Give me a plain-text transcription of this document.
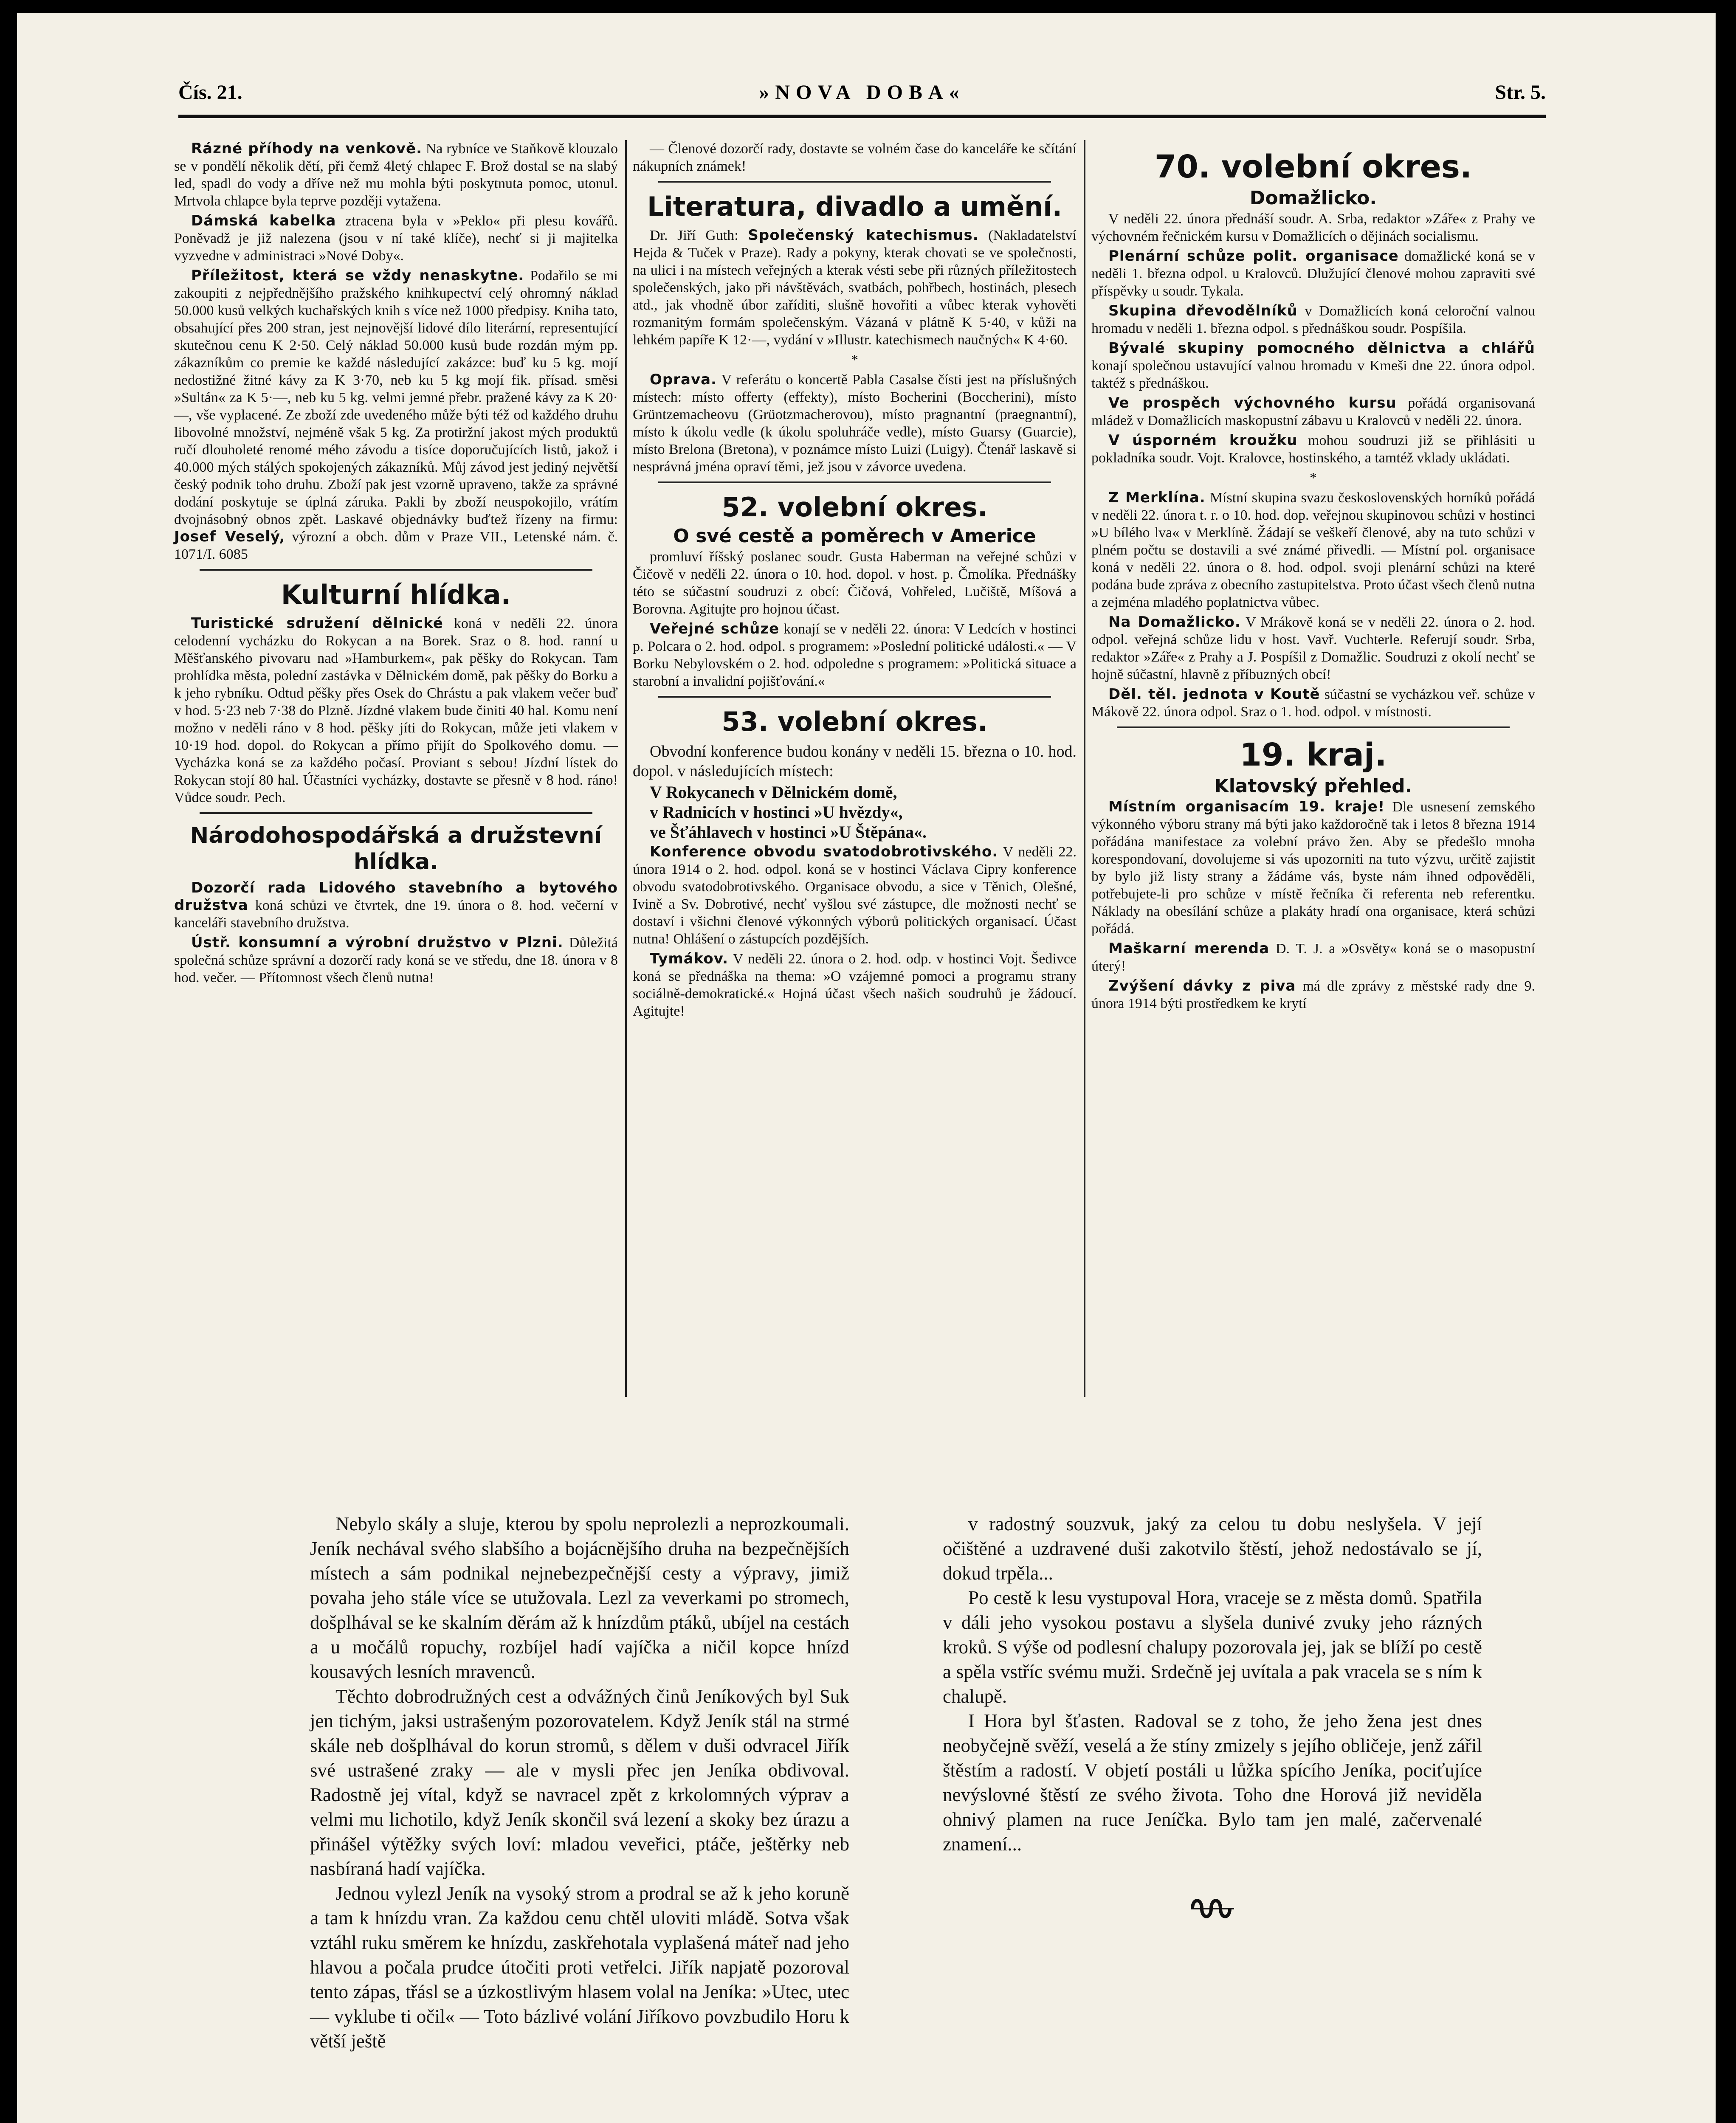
Čís. 21.	»NOVA DOBA«	Str. 5.

Rázné příhody na venkově. Na rybníce ve Staňkově klouzalo se v pondělí několik dětí, při čemž 4letý chlapec F. Brož dostal se na slabý led, spadl do vody a dříve než mu mohla býti poskytnuta pomoc, utonul. Mrtvola chlapce byla teprve později vytažena.

Dámská kabelka ztracena byla v »Peklo« při plesu kovářů. Poněvadž je již nalezena (jsou v ní také klíče), nechť si ji majitelka vyzvedne v administraci »Nové Doby«.

Příležitost, která se vždy nenaskytne. Podařilo se mi zakoupiti z nejpřednějšího pražského knihkupectví celý ohromný náklad 50.000 kusů velkých kuchařských knih s více než 1000 předpisy. Kniha tato, obsahující přes 200 stran, jest nejnovější lidové dílo literární, representující skutečnou cenu K 2·50. Celý náklad 50.000 kusů bude rozdán mým pp. zákazníkům co premie ke každé následující zakázce: buď ku 5 kg. mojí nedostižné žitné kávy za K 3·70, neb ku 5 kg mojí fik. přísad. směsi »Sultán« za K 5·—, neb ku 5 kg. velmi jemné přebr. pražené kávy za K 20·—, vše vyplacené. Ze zboží zde uvedeného může býti též od každého druhu libovolné množství, nejméně však 5 kg. Za protiržní jakost mých produktů ručí dlouholeté renomé mého závodu a tisíce doporučujících listů, jakož i 40.000 mých stálých spokojených zákazníků. Můj závod jest jediný největší český podnik toho druhu. Zboží pak jest vzorně upraveno, takže za správné dodání poskytuje se úplná záruka. Pakli by zboží neuspokojilo, vrátím dvojnásobný obnos zpět. Laskavé objednávky buďtež řízeny na firmu: Josef Veselý, výrozní a obch. dům v Praze VII., Letenské nám. č. 1071/I. 6085

Kulturní hlídka.

Turistické sdružení dělnické koná v neděli 22. února celodenní vycházku do Rokycan a na Borek. Sraz o 8. hod. ranní u Měšťanského pivovaru nad »Hamburkem«, pak pěšky do Rokycan. Tam prohlídka města, polední zastávka v Dělnickém domě, pak pěšky do Borku a k jeho rybníku. Odtud pěšky přes Osek do Chrástu a pak vlakem večer buď v hod. 5·23 neb 7·38 do Plzně. Jízdné vlakem bude činiti 40 hal. Komu není možno v neděli ráno v 8 hod. pěšky jíti do Rokycan, může jeti vlakem v 10·19 hod. dopol. do Rokycan a přímo přijít do Spolkového domu. — Vycházka koná se za každého počasí. Proviant s sebou! Jízdní lístek do Rokycan stojí 80 hal. Účastníci vycházky, dostavte se přesně v 8 hod. ráno! Vůdce soudr. Pech.

Národohospodářská a družstevní hlídka.

Dozorčí rada Lidového stavebního a bytového družstva koná schůzi ve čtvrtek, dne 19. února o 8. hod. večerní v kanceláři stavebního družstva.

Ústř. konsumní a výrobní družstvo v Plzni. Důležitá společná schůze správní a dozorčí rady koná se ve středu, dne 18. února v 8 hod. večer. — Přítomnost všech členů nutna!

— Členové dozorčí rady, dostavte se volném čase do kanceláře ke sčítání nákupních známek!

Literatura, divadlo a umění.

Dr. Jiří Guth: Společenský katechismus. (Nakladatelství Hejda & Tuček v Praze). Rady a pokyny, kterak chovati se ve společnosti, na ulici i na místech veřejných a kterak vésti sebe při různých příležitostech společenských, jako při návštěvách, svatbách, pohřbech, hostinách, plesech atd., jak vhodně úbor zaříditi, slušně hovořiti a vůbec kterak vyhověti rozmanitým formám společenským. Vázaná v plátně K 5·40, v kůži na lehkém papíře K 12·—, vydání v »Illustr. katechismech naučných« K 4·60.

*

Oprava. V referátu o koncertě Pabla Casalse čísti jest na příslušných místech: místo offerty (effekty), místo Bocherini (Boccherini), místo Grüntzemacheovu (Grüotzmacherovou), místo pragnantní (praegnantní), místo k úkolu vedle (k úkolu spoluhráče vedle), místo Guarsy (Guarcie), místo Brelona (Bretona), v poznámce místo Luizi (Luigy). Čtenář laskavě si nesprávná jména opraví těmi, jež jsou v závorce uvedena.

52. volební okres.
O své cestě a poměrech v Americe

promluví říšský poslanec soudr. Gusta Haberman na veřejné schůzi v Čičově v neděli 22. února o 10. hod. dopol. v host. p. Čmolíka. Přednášky této se súčastní soudruzi z obcí: Čičová, Vohřeled, Lučiště, Míšová a Borovna. Agitujte pro hojnou účast.

Veřejné schůze konají se v neděli 22. února: V Ledcích v hostinci p. Polcara o 2. hod. odpol. s programem: »Poslední politické události.« — V Borku Nebylovském o 2. hod. odpoledne s programem: »Politická situace a starobní a invalidní pojišťování.«

53. volební okres.

Obvodní konference budou konány v neděli 15. března o 10. hod. dopol. v následujících místech:

V Rokycanech v Dělnickém domě,

v Radnicích v hostinci »U hvězdy«,

ve Šťáhlavech v hostinci »U Štěpána«.

Konference obvodu svatodobrotivského. V neděli 22. února 1914 o 2. hod. odpol. koná se v hostinci Václava Cipry konference obvodu svatodobrotivského. Organisace obvodu, a sice v Těnich, Olešné, Ivině a Sv. Dobrotivé, nechť vyšlou své zástupce, dle možnosti nechť se dostaví i všichni členové výkonných výborů politických organisací. Účast nutna! Ohlášení o zástupcích pozdějších.

Tymákov. V neděli 22. února o 2. hod. odp. v hostinci Vojt. Šedivce koná se přednáška na thema: »O vzájemné pomoci a programu strany sociálně-demokratické.« Hojná účast všech našich soudruhů je žádoucí. Agitujte!

70. volební okres.
Domažlicko.

V neděli 22. února přednáší soudr. A. Srba, redaktor »Záře« z Prahy ve výchovném řečnickém kursu v Domažlicích o dějinách socialismu.

Plenární schůze polit. organisace domažlické koná se v neděli 1. března odpol. u Kralovců. Dlužující členové mohou zapraviti své příspěvky u soudr. Tykala.

Skupina dřevodělníků v Domažlicích koná celoroční valnou hromadu v neděli 1. března odpol. s přednáškou soudr. Pospíšila.

Bývalé skupiny pomocného dělnictva a chlářů konají společnou ustavující valnou hromadu v Kmeši dne 22. února odpol. taktéž s přednáškou.

Ve prospěch výchovného kursu pořádá organisovaná mládež v Domažlicích maskopustní zábavu u Kralovců v neděli 22. února.

V úsporném kroužku mohou soudruzi již se přihlásiti u pokladníka soudr. Vojt. Kralovce, hostinského, a tamtéž vklady ukládati.

*

Z Merklína. Místní skupina svazu československých horníků pořádá v neděli 22. února t. r. o 10. hod. dop. veřejnou skupinovou schůzi v hostinci »U bílého lva« v Merklíně. Žádají se veškeří členové, aby na tuto schůzi v plném počtu se dostavili a své známé přivedli. — Místní pol. organisace koná v neděli 22. února o 8. hod. odpol. svoji plenární schůzi na které podána bude zpráva z obecního zastupitelstva. Proto účast všech členů nutna a zejména mladého poplatnictva vůbec.

Na Domažlicko. V Mrákově koná se v neděli 22. února o 2. hod. odpol. veřejná schůze lidu v host. Vavř. Vuchterle. Referují soudr. Srba, redaktor »Záře« z Prahy a J. Pospíšil z Domažlic. Soudruzi z okolí nechť se hojně súčastní, hlavně z příbuzných obcí!

Děl. těl. jednota v Koutě súčastní se vycházkou veř. schůze v Mákově 22. února odpol. Sraz o 1. hod. odpol. v místnosti.

19. kraj.
Klatovský přehled.

Místním organisacím 19. kraje! Dle usnesení zemského výkonného výboru strany má býti jako každoročně tak i letos 8 března 1914 pořádána manifestace za volební právo žen. Aby se předešlo mnoha korespondovaní, dovolujeme si vás upozorniti na tuto výzvu, určitě zajistit by bylo již listy strany a žádáme vás, byste nám ihned odpověděli, potřebujete-li pro schůze v místě řečníka či referenta neb referentku. Náklady na obesílání schůze a plakáty hradí ona organisace, která schůzi pořádá.

Maškarní merenda D. T. J. a »Osvěty« koná se o masopustní úterý!

Zvýšení dávky z piva má dle zprávy z městské rady dne 9. února 1914 býti prostředkem ke krytí

Nebylo skály a sluje, kterou by spolu neprolezli a neprozkoumali. Jeník nechával svého slabšího a bojácnějšího druha na bezpečnějších místech a sám podnikal nejnebezpečnější cesty a výpravy, jimiž povaha jeho stále více se utužovala. Lezl za veverkami po stromech, došplhával se ke skalním děrám až k hnízdům ptáků, ubíjel na cestách a u močálů ropuchy, rozbíjel hadí vajíčka a ničil kopce hnízd kousavých lesních mravenců.

Těchto dobrodružných cest a odvážných činů Jeníkových byl Suk jen tichým, jaksi ustrašeným pozorovatelem. Když Jeník stál na strmé skále neb došplhával do korun stromů, s dělem v duši odvracel Jiřík své ustrašené zraky — ale v mysli přec jen Jeníka obdivoval. Radostně jej vítal, když se navracel zpět z krkolomných výprav a velmi mu lichotilo, když Jeník skončil svá lezení a skoky bez úrazu a přinášel výtěžky svých loví: mladou veveřici, ptáče, ještěrky neb nasbíraná hadí vajíčka.

Jednou vylezl Jeník na vysoký strom a prodral se až k jeho koruně a tam k hnízdu vran. Za každou cenu chtěl uloviti mládě. Sotva však vztáhl ruku směrem ke hnízdu, zaskřehotala vyplašená máteř nad jeho hlavou a počala prudce útočiti proti vetřelci. Jiřík napjatě pozoroval tento zápas, třásl se a úzkostlivým hlasem volal na Jeníka: »Utec, utec — vyklube ti očil« — Toto bázlivé volání Jiříkovo povzbudilo Horu k větší ještě

v radostný souzvuk, jaký za celou tu dobu neslyšela. V její očištěné a uzdravené duši zakotvilo štěstí, jehož nedostávalo se jí, dokud trpěla...

Po cestě k lesu vystupoval Hora, vraceje se z města domů. Spatřila v dáli jeho vysokou postavu a slyšela dunivé zvuky jeho rázných kroků. S výše od podlesní chalupy pozorovala jej, jak se blíží po cestě a spěla vstříc svému muži. Srdečně jej uvítala a pak vracela se s ním k chalupě.

I Hora byl šťasten. Radoval se z toho, že jeho žena jest dnes neobyčejně svěží, veselá a že stíny zmizely s jejího obličeje, jenž zářil štěstím a radostí. V objetí postáli u lůžka spícího Jeníka, pociťujíce nevýslovné štěstí ze svého života. Toho dne Horová již neviděla ohnivý plamen na ruce Jeníčka. Bylo tam jen malé, začervenalé znamení...
